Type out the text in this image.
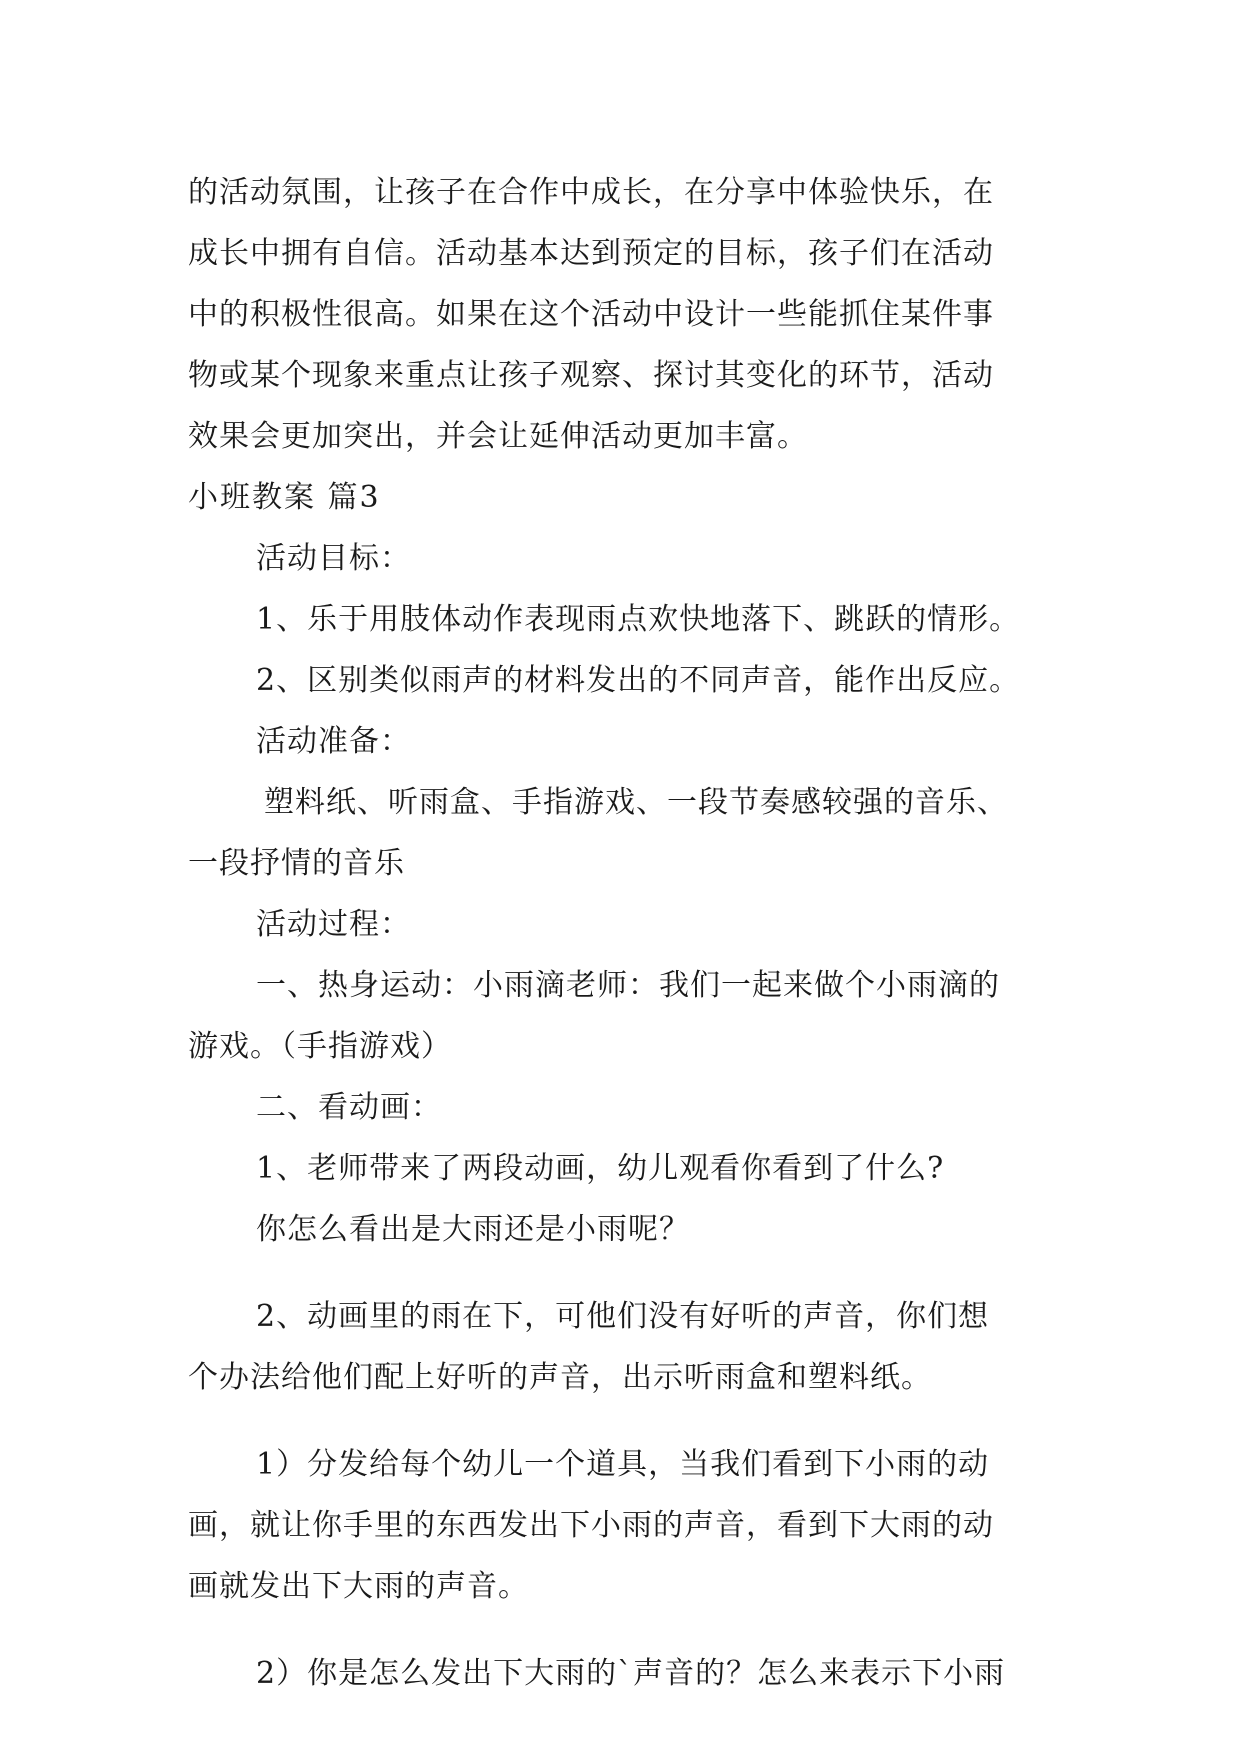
的活动氛围，让孩子在合作中成长，在分享中体验快乐，在
成长中拥有自信。活动基本达到预定的目标，孩子们在活动
中的积极性很高。如果在这个活动中设计一些能抓住某件事
物或某个现象来重点让孩子观察、探讨其变化的环节，活动
效果会更加突出，并会让延伸活动更加丰富。
小班教案 篇3
活动目标：
1、乐于用肢体动作表现雨点欢快地落下、跳跃的情形。
2、区别类似雨声的材料发出的不同声音，能作出反应。
活动准备：
塑料纸、听雨盒、手指游戏、一段节奏感较强的音乐、
一段抒情的音乐
活动过程：
一、热身运动：小雨滴老师：我们一起来做个小雨滴的
游戏。（手指游戏）
二、看动画：
1、老师带来了两段动画，幼儿观看你看到了什么?
你怎么看出是大雨还是小雨呢？
2、动画里的雨在下，可他们没有好听的声音，你们想
个办法给他们配上好听的声音，出示听雨盒和塑料纸。
1）分发给每个幼儿一个道具，当我们看到下小雨的动
画，就让你手里的东西发出下小雨的声音，看到下大雨的动
画就发出下大雨的声音。
2）你是怎么发出下大雨的`声音的？怎么来表示下小雨
